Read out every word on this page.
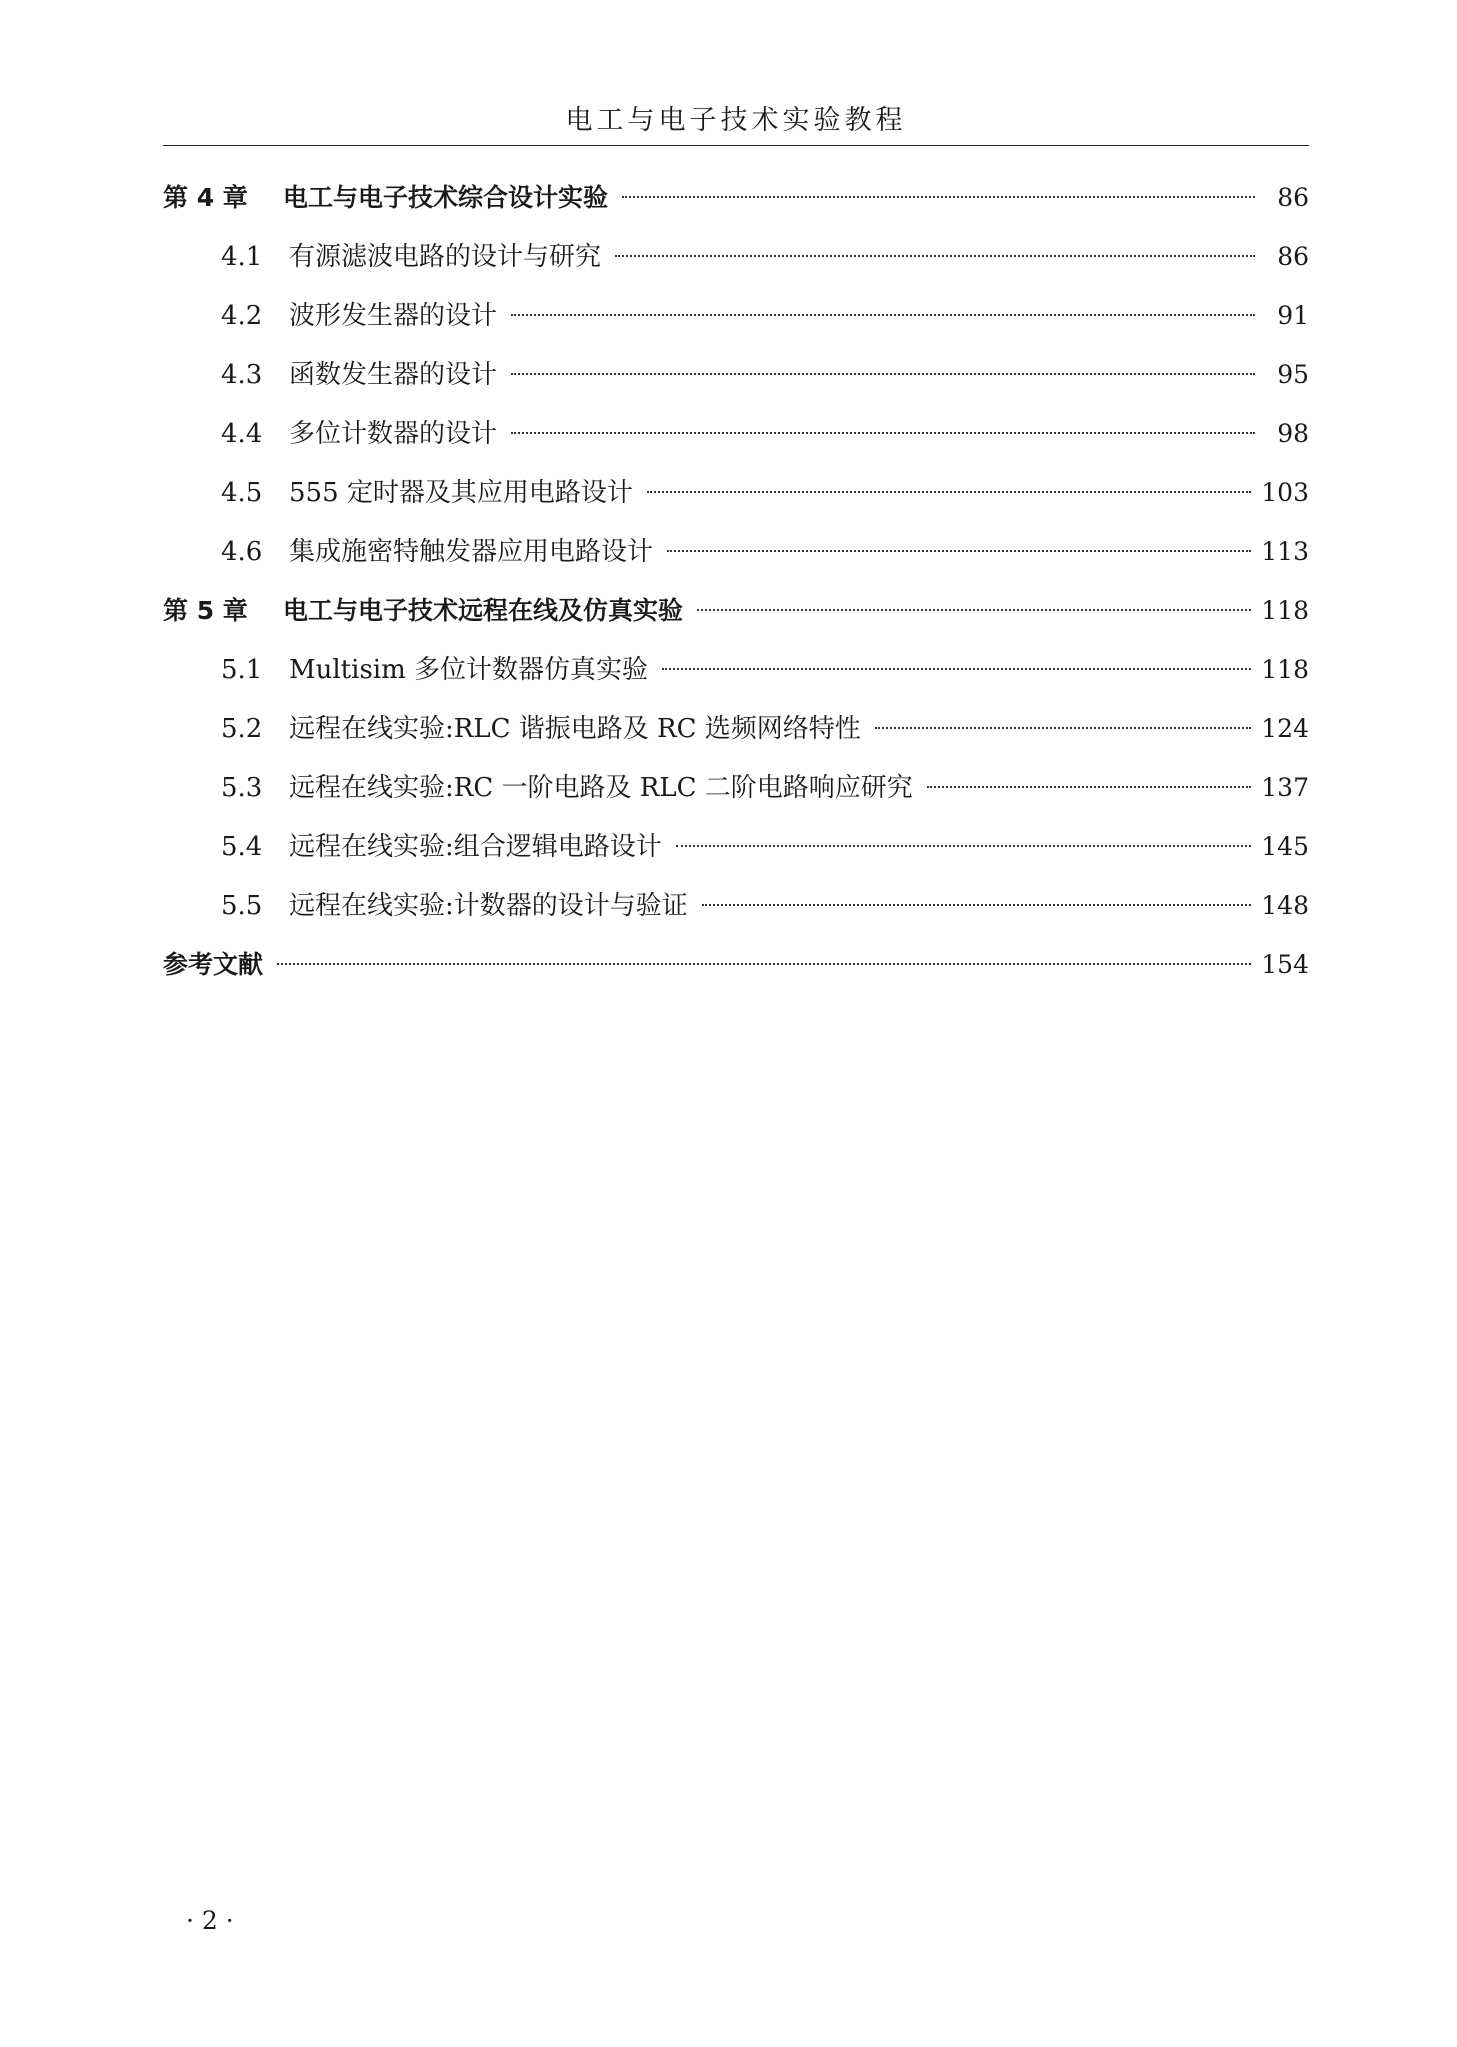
电工与电子技术实验教程
第 4 章	电工与电子技术综合设计实验	86
4.1	有源滤波电路的设计与研究	86
4.2	波形发生器的设计	91
4.3	函数发生器的设计	95
4.4	多位计数器的设计	98
4.5	555 定时器及其应用电路设计	103
4.6	集成施密特触发器应用电路设计	113
第 5 章	电工与电子技术远程在线及仿真实验	118
5.1	Multisim 多位计数器仿真实验	118
5.2	远程在线实验:RLC 谐振电路及 RC 选频网络特性	124
5.3	远程在线实验:RC 一阶电路及 RLC 二阶电路响应研究	137
5.4	远程在线实验:组合逻辑电路设计	145
5.5	远程在线实验:计数器的设计与验证	148
参考文献	154
· 2 ·
